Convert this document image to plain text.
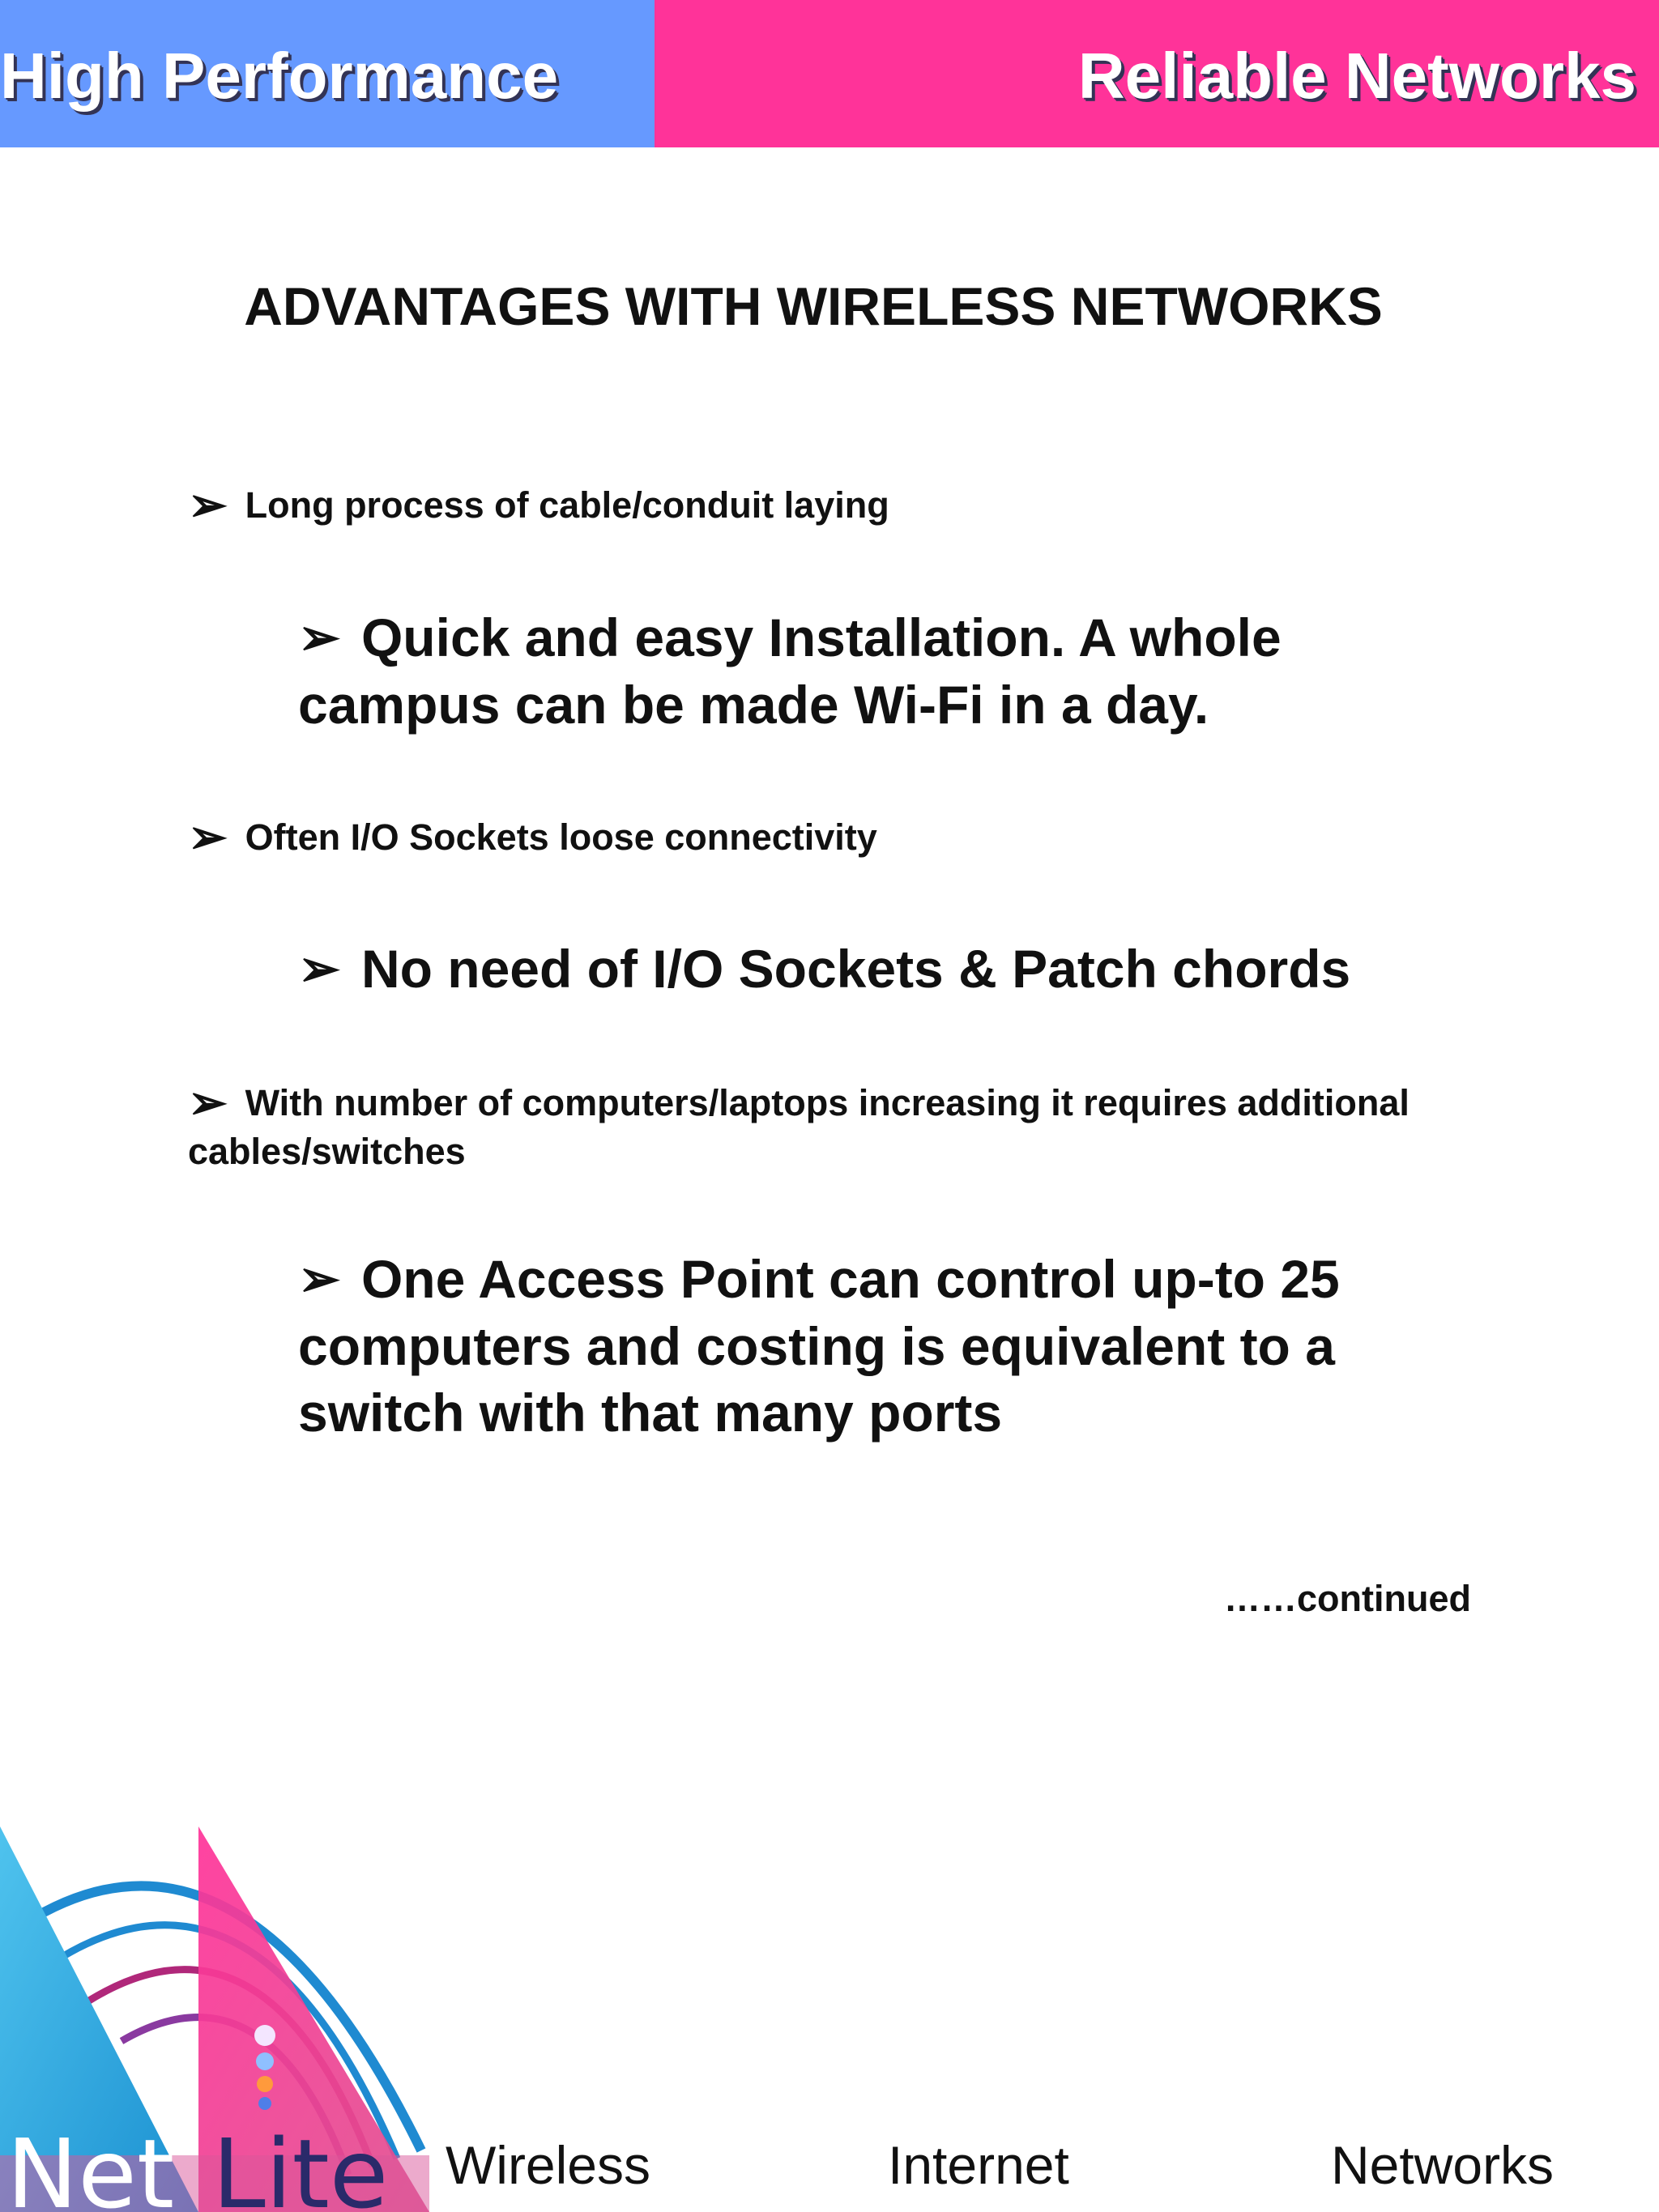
High Performance	Reliable Networks
ADVANTAGES WITH WIRELESS NETWORKS
➢ Long process of cable/conduit laying
➢ Quick and easy Installation. A whole campus can be made Wi-Fi in a day.
➢ Often I/O Sockets loose connectivity
➢ No need of I/O Sockets & Patch chords
➢ With number of computers/laptops increasing it requires additional cables/switches
➢ One Access Point can control up-to 25 computers and costing is equivalent to a switch with that many ports
……continued
Net Lite Wireless	Internet	Networks
